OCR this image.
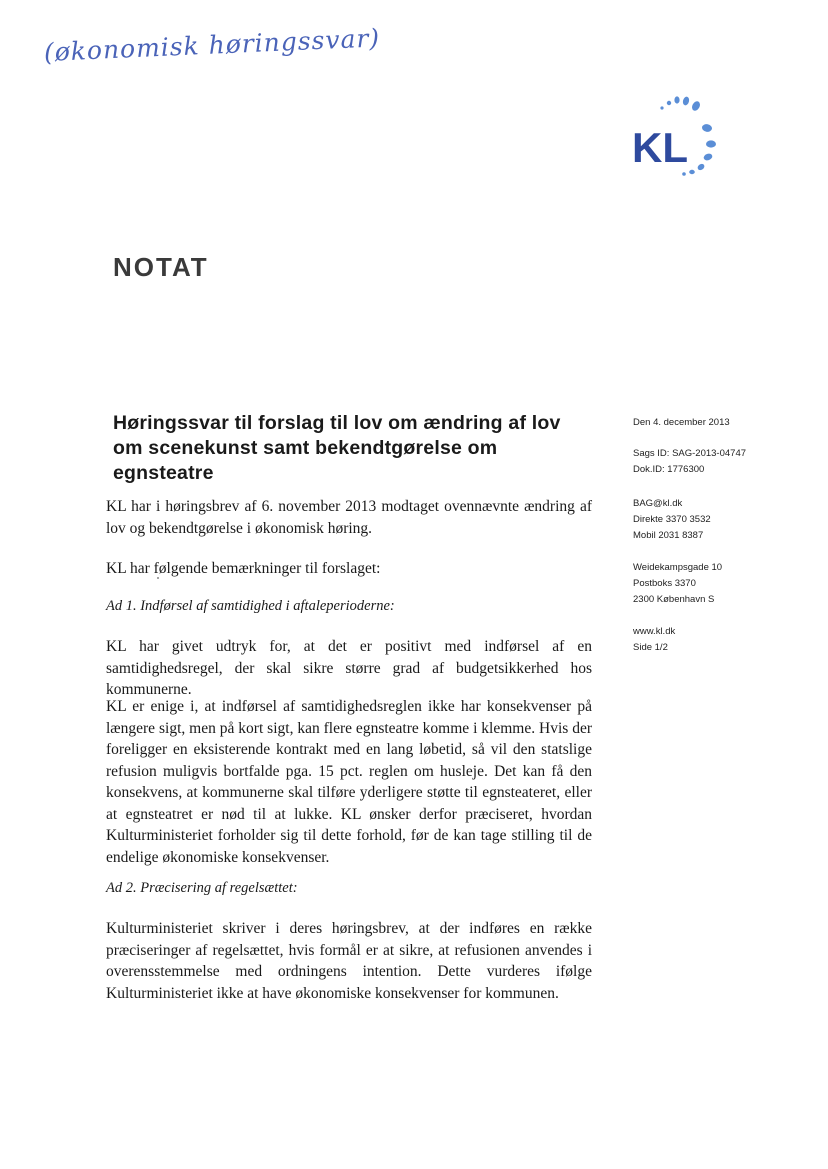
(økonomisk høringssvar)
KL
NOTAT
Høringssvar til forslag til lov om ændring af lov om scenekunst samt bekendtgørelse om egnsteatre

KL har i høringsbrev af 6. november 2013 modtaget ovennævnte ændring af lov og bekendtgørelse i økonomisk høring.

KL har følgende bemærkninger til forslaget:

Ad 1. Indførsel af samtidighed i aftaleperioderne:

KL har givet udtryk for, at det er positivt med indførsel af en samtidighedsregel, der skal sikre større grad af budgetsikkerhed hos kommunerne.

KL er enige i, at indførsel af samtidighedsreglen ikke har konsekvenser på længere sigt, men på kort sigt, kan flere egnsteatre komme i klemme. Hvis der foreligger en eksisterende kontrakt med en lang løbetid, så vil den statslige refusion muligvis bortfalde pga. 15 pct. reglen om husleje. Det kan få den konsekvens, at kommunerne skal tilføre yderligere støtte til egnsteateret, eller at egnsteatret er nød til at lukke. KL ønsker derfor præciseret, hvordan Kulturministeriet forholder sig til dette forhold, før de kan tage stilling til de endelige økonomiske konsekvenser.

Ad 2. Præcisering af regelsættet:

Kulturministeriet skriver i deres høringsbrev, at der indføres en række præciseringer af regelsættet, hvis formål er at sikre, at refusionen anvendes i overensstemmelse med ordningens intention. Dette vurderes ifølge Kulturministeriet ikke at have økonomiske konsekvenser for kommunen.

Den 4. december 2013
Sags ID: SAG-2013-04747
Dok.ID: 1776300
BAG@kl.dk
Direkte 3370 3532
Mobil 2031 8387
Weidekampsgade 10
Postboks 3370
2300 København S
www.kl.dk
Side 1/2
